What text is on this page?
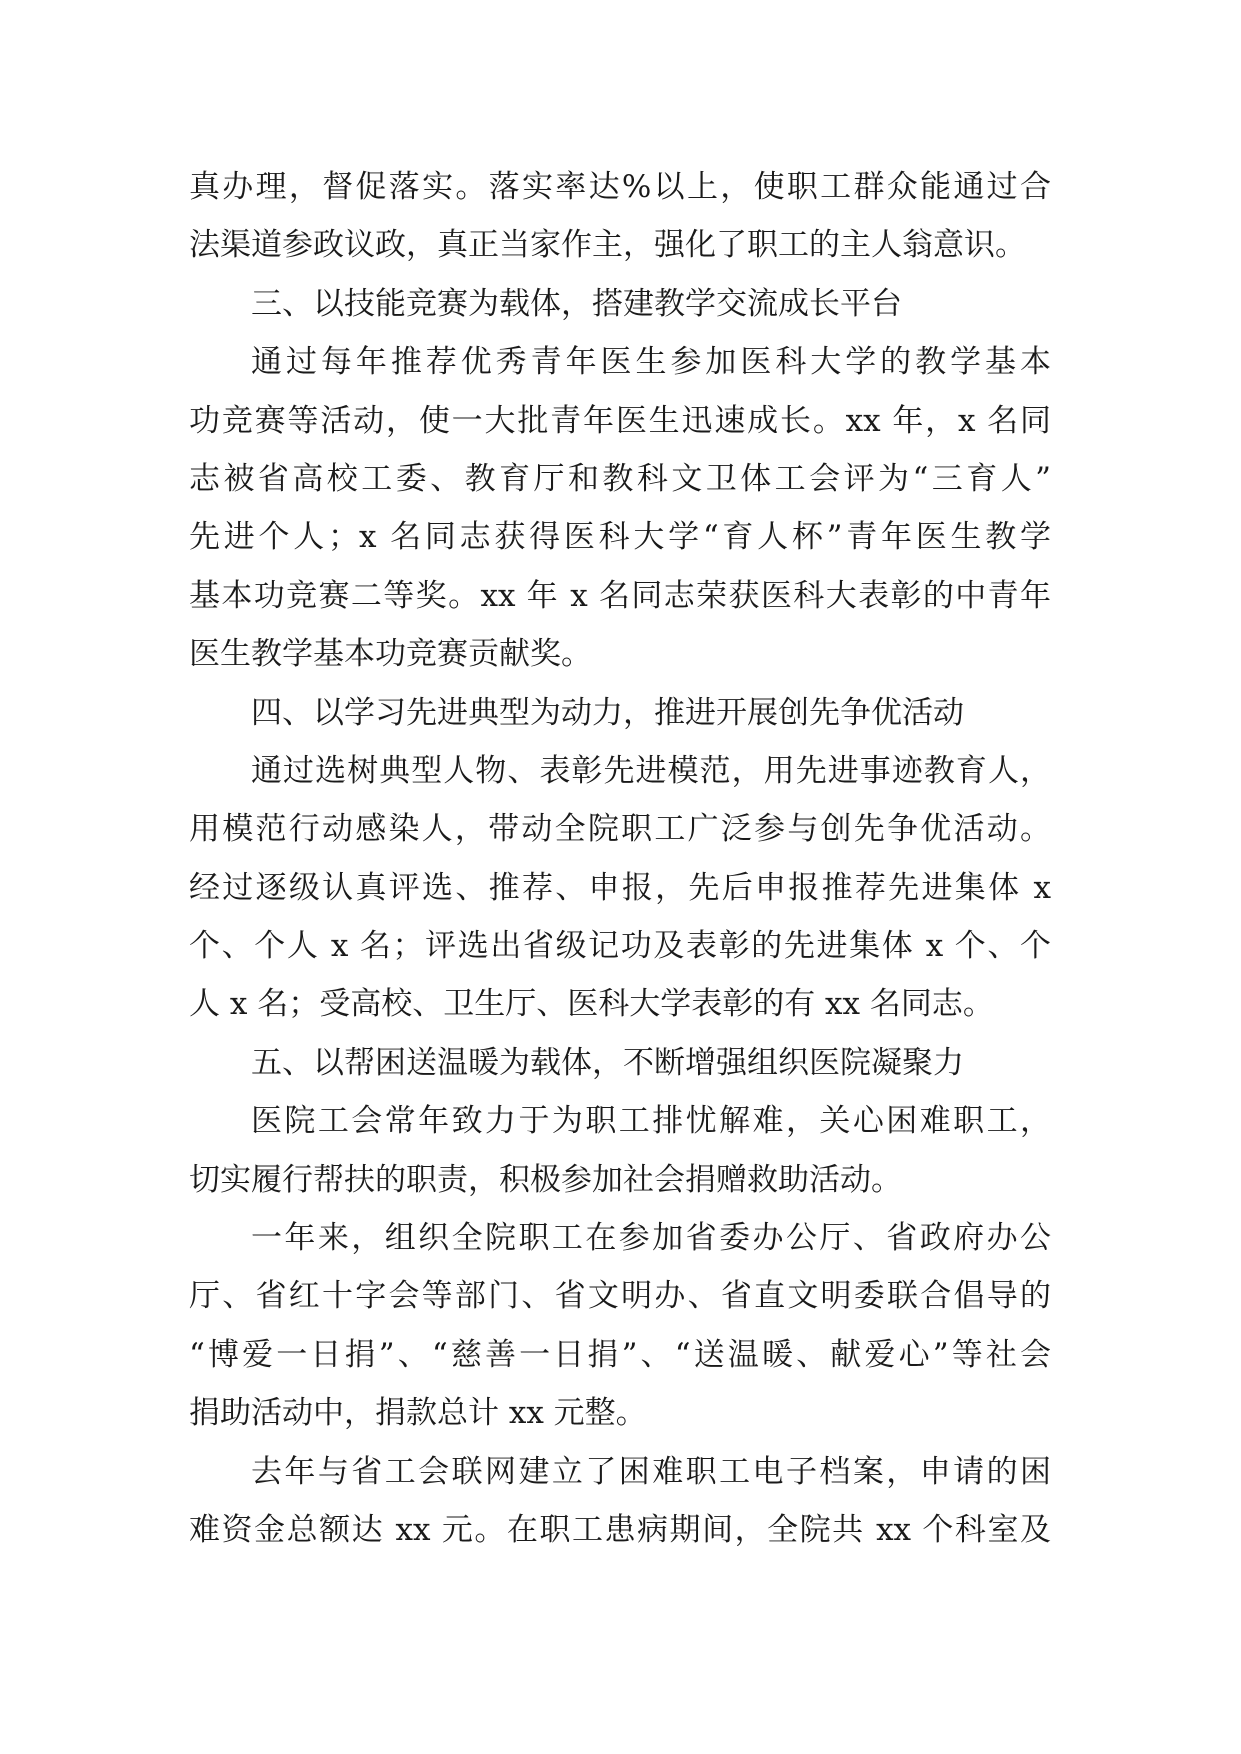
真办理，督促落实。落实率达%以上，使职工群众能通过合
法渠道参政议政，真正当家作主，强化了职工的主人翁意识。
三、以技能竞赛为载体，搭建教学交流成长平台
通过每年推荐优秀青年医生参加医科大学的教学基本
功竞赛等活动，使一大批青年医生迅速成长。xx 年，x 名同
志被省高校工委、教育厅和教科文卫体工会评为“三育人”
先进个人；x 名同志获得医科大学“育人杯”青年医生教学
基本功竞赛二等奖。xx 年 x 名同志荣获医科大表彰的中青年
医生教学基本功竞赛贡献奖。
四、以学习先进典型为动力，推进开展创先争优活动
通过选树典型人物、表彰先进模范，用先进事迹教育人，
用模范行动感染人，带动全院职工广泛参与创先争优活动。
经过逐级认真评选、推荐、申报，先后申报推荐先进集体 x
个、个人 x 名；评选出省级记功及表彰的先进集体 x 个、个
人 x 名；受高校、卫生厅、医科大学表彰的有 xx 名同志。
五、以帮困送温暖为载体，不断增强组织医院凝聚力
医院工会常年致力于为职工排忧解难，关心困难职工，
切实履行帮扶的职责，积极参加社会捐赠救助活动。
一年来，组织全院职工在参加省委办公厅、省政府办公
厅、省红十字会等部门、省文明办、省直文明委联合倡导的
“博爱一日捐”、“慈善一日捐”、“送温暖、献爱心”等社会
捐助活动中，捐款总计 xx 元整。
去年与省工会联网建立了困难职工电子档案，申请的困
难资金总额达 xx 元。在职工患病期间，全院共 xx 个科室及
